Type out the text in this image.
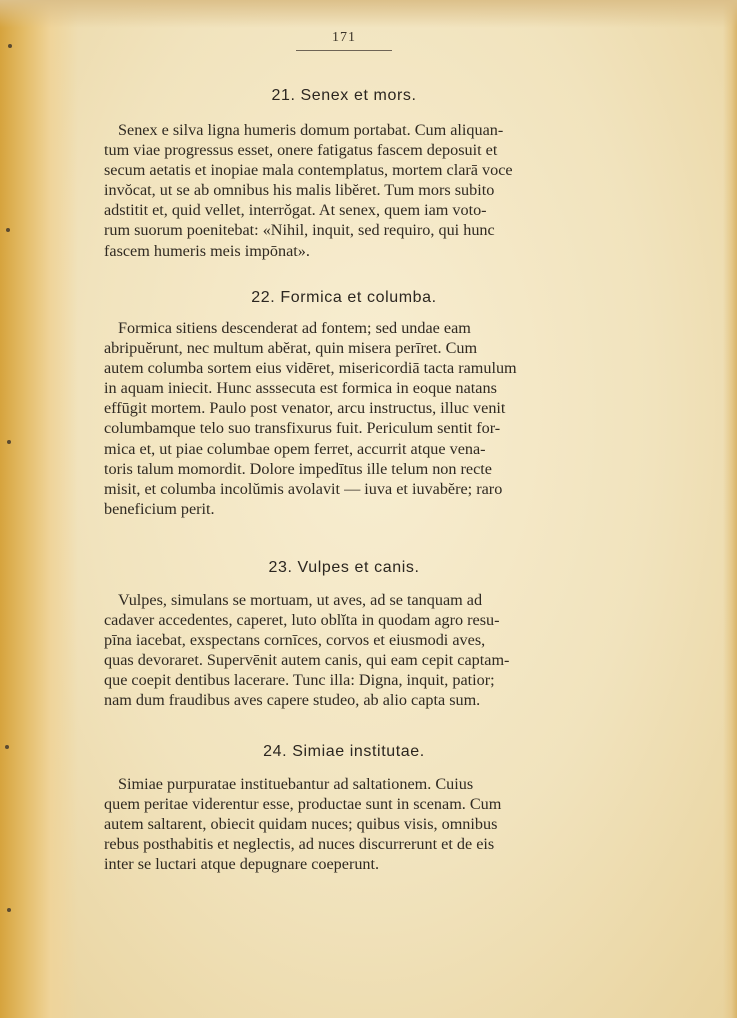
171
21. Senex et mors.
Senex e silva ligna humeris domum portabat. Cum aliquan-
tum viae progressus esset, onere fatigatus fascem deposuit et
secum aetatis et inopiae mala contemplatus, mortem clarā voce
invŏcat, ut se ab omnibus his malis libĕret. Tum mors subito
adstitit et, quid vellet, interrŏgat. At senex, quem iam voto-
rum suorum poenitebat: «Nihil, inquit, sed requiro, qui hunc
fascem humeris meis impōnat».
22. Formica et columba.
Formica sitiens descenderat ad fontem; sed undae eam
abripuĕrunt, nec multum abĕrat, quin misera perīret. Cum
autem columba sortem eius vidēret, misericordiā tacta ramulum
in aquam iniecit. Hunc asssecuta est formica in eoque natans
effūgit mortem. Paulo post venator, arcu instructus, illuc venit
columbamque telo suo transfixurus fuit. Periculum sentit for-
mica et, ut piae columbae opem ferret, accurrit atque vena-
toris talum momordit. Dolore impedītus ille telum non recte
misit, et columba incolŭmis avolavit — iuva et iuvabĕre; raro
beneficium perit.
23. Vulpes et canis.
Vulpes, simulans se mortuam, ut aves, ad se tanquam ad
cadaver accedentes, caperet, luto oblĭta in quodam agro resu-
pīna iacebat, exspectans cornīces, corvos et eiusmodi aves,
quas devoraret. Supervēnit autem canis, qui eam cepit captam-
que coepit dentibus lacerare. Tunc illa: Digna, inquit, patior;
nam dum fraudibus aves capere studeo, ab alio capta sum.
24. Simiae institutae.
Simiae purpuratae instituebantur ad saltationem. Cuius
quem peritae viderentur esse, productae sunt in scenam. Cum
autem saltarent, obiecit quidam nuces; quibus visis, omnibus
rebus posthabitis et neglectis, ad nuces discurrerunt et de eis
inter se luctari atque depugnare coeperunt.
